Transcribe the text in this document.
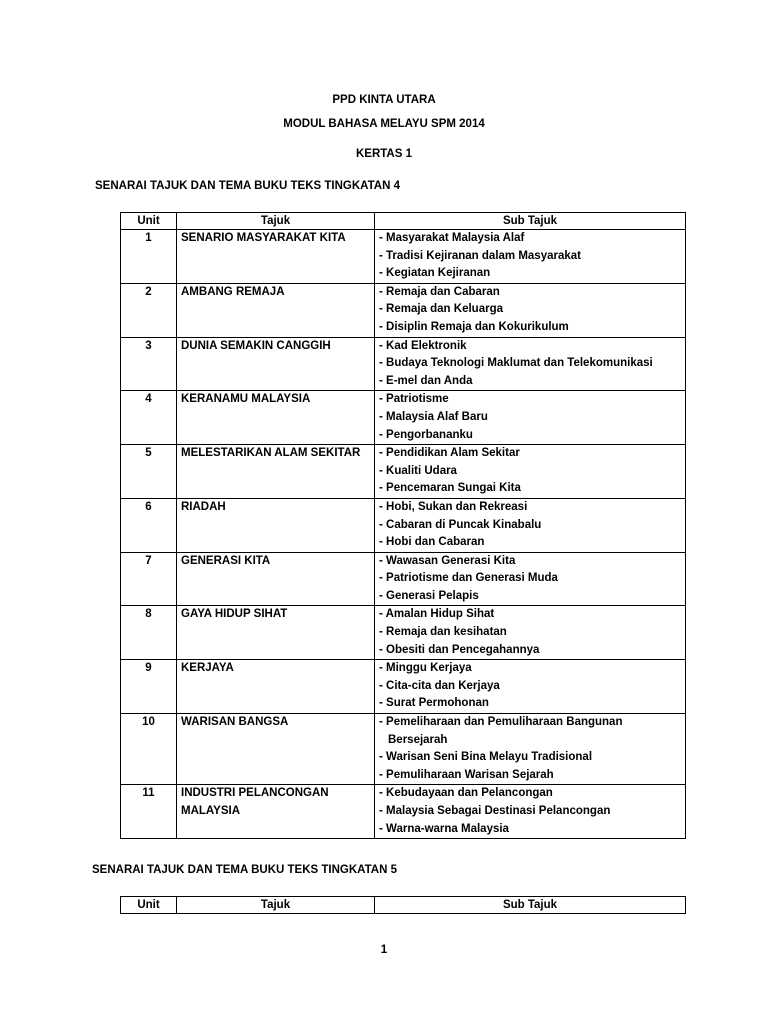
PPD KINTA UTARA
MODUL BAHASA MELAYU SPM 2014
KERTAS 1
SENARAI TAJUK DAN TEMA BUKU TEKS TINGKATAN 4
Unit	Tajuk	Sub Tajuk
1	SENARIO MASYARAKAT KITA	- Masyarakat Malaysia Alaf
- Tradisi Kejiranan dalam Masyarakat
- Kegiatan Kejiranan

2	AMBANG REMAJA	- Remaja dan Cabaran
- Remaja dan Keluarga
- Disiplin Remaja dan Kokurikulum

3	DUNIA SEMAKIN CANGGIH	- Kad Elektronik
- Budaya Teknologi Maklumat dan Telekomunikasi
- E-mel dan Anda

4	KERANAMU MALAYSIA	- Patriotisme
- Malaysia Alaf Baru
- Pengorbananku

5	MELESTARIKAN ALAM SEKITAR	- Pendidikan Alam Sekitar
- Kualiti Udara
- Pencemaran Sungai Kita

6	RIADAH	- Hobi, Sukan dan Rekreasi
- Cabaran di Puncak Kinabalu
- Hobi dan Cabaran

7	GENERASI KITA	- Wawasan Generasi Kita
- Patriotisme dan Generasi Muda
- Generasi Pelapis

8	GAYA HIDUP SIHAT	- Amalan Hidup Sihat
- Remaja dan kesihatan
- Obesiti dan Pencegahannya

9	KERJAYA	- Minggu Kerjaya
- Cita-cita dan Kerjaya
- Surat Permohonan

10	WARISAN BANGSA	- Pemeliharaan dan Pemuliharaan Bangunan
Bersejarah
- Warisan Seni Bina Melayu Tradisional
- Pemuliharaan Warisan Sejarah

11	INDUSTRI PELANCONGAN MALAYSIA	- Kebudayaan dan Pelancongan
- Malaysia Sebagai Destinasi Pelancongan
- Warna-warna Malaysia
SENARAI TAJUK DAN TEMA BUKU TEKS TINGKATAN 5
Unit	Tajuk	Sub Tajuk
1
